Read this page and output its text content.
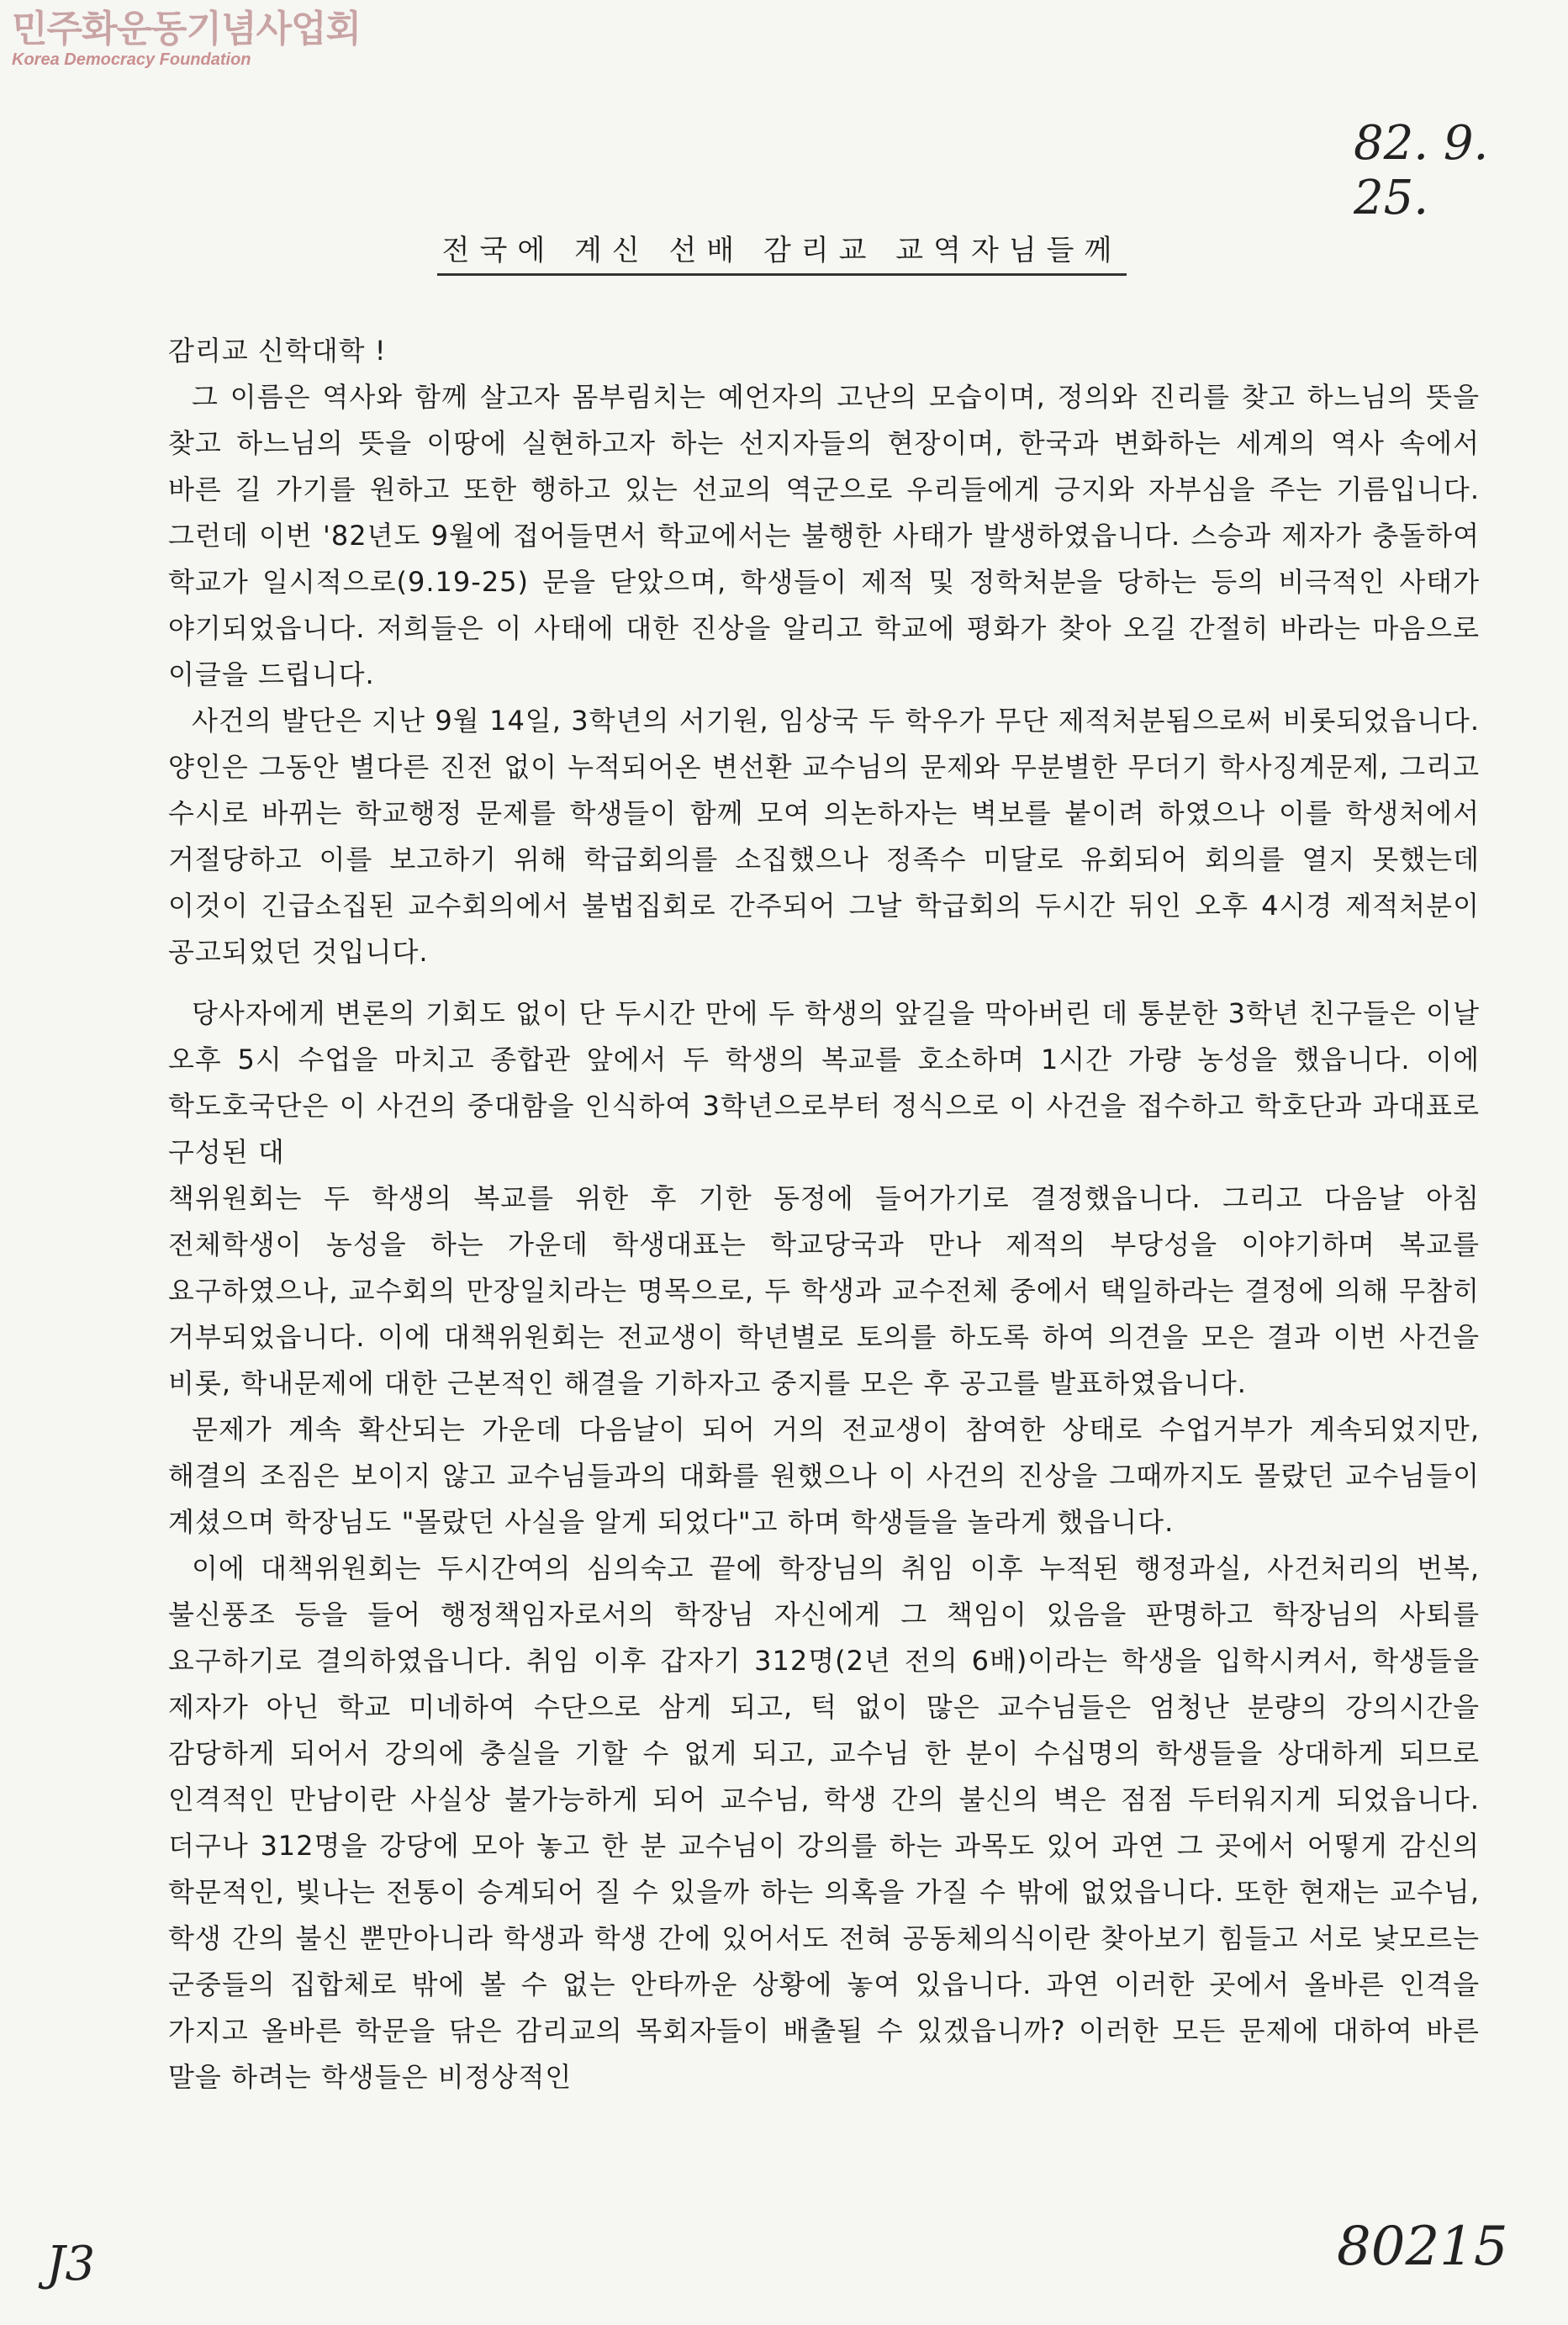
민주화운동기념사업회
Korea Democracy Foundation
82. 9. 25.
전국에 계신 선배 감리교 교역자님들께

감리교 신학대학 !

그 이름은 역사와 함께 살고자 몸부림치는 예언자의 고난의 모습이며, 정의와 진리를 찾고 하느님의 뜻을 찾고 하느님의 뜻을 이땅에 실현하고자 하는 선지자들의 현장이며, 한국과 변화하는 세계의 역사 속에서 바른 길 가기를 원하고 또한 행하고 있는 선교의 역군으로 우리들에게 긍지와 자부심을 주는 기름입니다. 그런데 이번 '82년도 9월에 접어들면서 학교에서는 불행한 사태가 발생하였읍니다. 스승과 제자가 충돌하여 학교가 일시적으로(9.19-25) 문을 닫았으며, 학생들이 제적 및 정학처분을 당하는 등의 비극적인 사태가 야기되었읍니다. 저희들은 이 사태에 대한 진상을 알리고 학교에 평화가 찾아 오길 간절히 바라는 마음으로 이글을 드립니다.

사건의 발단은 지난 9월 14일, 3학년의 서기원, 임상국 두 학우가 무단 제적처분됨으로써 비롯되었읍니다. 양인은 그동안 별다른 진전 없이 누적되어온 변선환 교수님의 문제와 무분별한 무더기 학사징계문제, 그리고 수시로 바뀌는 학교행정 문제를 학생들이 함께 모여 의논하자는 벽보를 붙이려 하였으나 이를 학생처에서 거절당하고 이를 보고하기 위해 학급회의를 소집했으나 정족수 미달로 유회되어 회의를 열지 못했는데 이것이 긴급소집된 교수회의에서 불법집회로 간주되어 그날 학급회의 두시간 뒤인 오후 4시경 제적처분이 공고되었던 것입니다.

당사자에게 변론의 기회도 없이 단 두시간 만에 두 학생의 앞길을 막아버린 데 통분한 3학년 친구들은 이날 오후 5시 수업을 마치고 종합관 앞에서 두 학생의 복교를 호소하며 1시간 가량 농성을 했읍니다. 이에 학도호국단은 이 사건의 중대함을 인식하여 3학년으로부터 정식으로 이 사건을 접수하고 학호단과 과대표로 구성된 대

책위원회는 두 학생의 복교를 위한 후 기한 동정에 들어가기로 결정했읍니다. 그리고 다음날 아침 전체학생이 농성을 하는 가운데 학생대표는 학교당국과 만나 제적의 부당성을 이야기하며 복교를 요구하였으나, 교수회의 만장일치라는 명목으로, 두 학생과 교수전체 중에서 택일하라는 결정에 의해 무참히 거부되었읍니다. 이에 대책위원회는 전교생이 학년별로 토의를 하도록 하여 의견을 모은 결과 이번 사건을 비롯, 학내문제에 대한 근본적인 해결을 기하자고 중지를 모은 후 공고를 발표하였읍니다.

문제가 계속 확산되는 가운데 다음날이 되어 거의 전교생이 참여한 상태로 수업거부가 계속되었지만, 해결의 조짐은 보이지 않고 교수님들과의 대화를 원했으나 이 사건의 진상을 그때까지도 몰랐던 교수님들이 계셨으며 학장님도 "몰랐던 사실을 알게 되었다"고 하며 학생들을 놀라게 했읍니다.

이에 대책위원회는 두시간여의 심의숙고 끝에 학장님의 취임 이후 누적된 행정과실, 사건처리의 번복, 불신풍조 등을 들어 행정책임자로서의 학장님 자신에게 그 책임이 있음을 판명하고 학장님의 사퇴를 요구하기로 결의하였읍니다. 취임 이후 갑자기 312명(2년 전의 6배)이라는 학생을 입학시켜서, 학생들을 제자가 아닌 학교 미네하여 수단으로 삼게 되고, 턱 없이 많은 교수님들은 엄청난 분량의 강의시간을 감당하게 되어서 강의에 충실을 기할 수 없게 되고, 교수님 한 분이 수십명의 학생들을 상대하게 되므로 인격적인 만남이란 사실상 불가능하게 되어 교수님, 학생 간의 불신의 벽은 점점 두터워지게 되었읍니다. 더구나 312명을 강당에 모아 놓고 한 분 교수님이 강의를 하는 과목도 있어 과연 그 곳에서 어떻게 감신의 학문적인, 빛나는 전통이 승계되어 질 수 있을까 하는 의혹을 가질 수 밖에 없었읍니다. 또한 현재는 교수님, 학생 간의 불신 뿐만아니라 학생과 학생 간에 있어서도 전혀 공동체의식이란 찾아보기 힘들고 서로 낯모르는 군중들의 집합체로 밖에 볼 수 없는 안타까운 상황에 놓여 있읍니다. 과연 이러한 곳에서 올바른 인격을 가지고 올바른 학문을 닦은 감리교의 목회자들이 배출될 수 있겠읍니까? 이러한 모든 문제에 대하여 바른 말을 하려는 학생들은 비정상적인

J3	80215
